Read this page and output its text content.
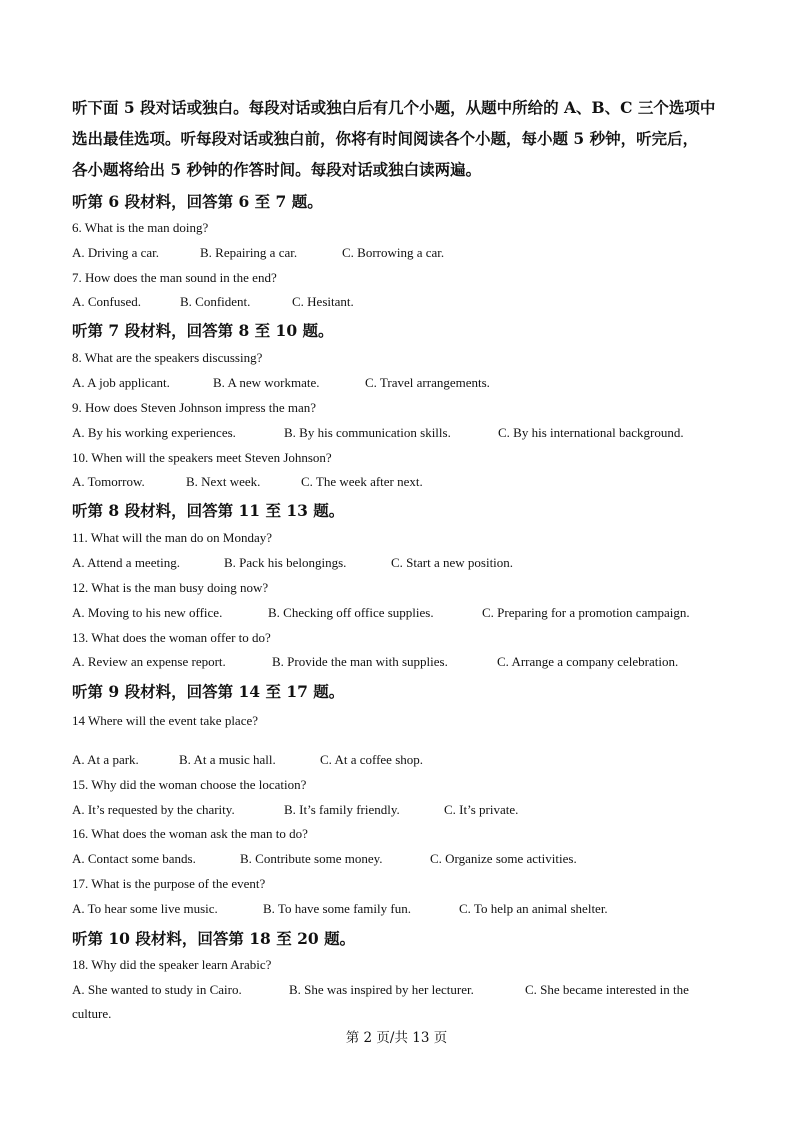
听下面 5 段对话或独白。每段对话或独白后有几个小题，从题中所给的 A、B、C 三个选项中
选出最佳选项。听每段对话或独白前，你将有时间阅读各个小题，每小题 5 秒钟，听完后，
各小题将给出 5 秒钟的作答时间。每段对话或独白读两遍。
听第 6 段材料，回答第 6 至 7 题。
6. What is the man doing?
A. Driving a car.	B. Repairing a car.	C. Borrowing a car.
7. How does the man sound in the end?
A. Confused.	B. Confident.	C. Hesitant.
听第 7 段材料，回答第 8 至 10 题。
8. What are the speakers discussing?
A. A job applicant.	B. A new workmate.	C. Travel arrangements.
9. How does Steven Johnson impress the man?
A. By his working experiences.	B. By his communication skills.	C. By his international background.
10. When will the speakers meet Steven Johnson?
A. Tomorrow.	B. Next week.	C. The week after next.
听第 8 段材料，回答第 11 至 13 题。
11. What will the man do on Monday?
A. Attend a meeting.	B. Pack his belongings.	C. Start a new position.
12. What is the man busy doing now?
A. Moving to his new office.	B. Checking off office supplies.	C. Preparing for a promotion campaign.
13. What does the woman offer to do?
A. Review an expense report.	B. Provide the man with supplies.	C. Arrange a company celebration.
听第 9 段材料，回答第 14 至 17 题。
14 Where will the event take place?
A. At a park.	B. At a music hall.	C. At a coffee shop.
15. Why did the woman choose the location?
A. It’s requested by the charity.	B. It’s family friendly.	C. It’s private.
16. What does the woman ask the man to do?
A. Contact some bands.	B. Contribute some money.	C. Organize some activities.
17. What is the purpose of the event?
A. To hear some live music.	B. To have some family fun.	C. To help an animal shelter.
听第 10 段材料，回答第 18 至 20 题。
18. Why did the speaker learn Arabic?
A. She wanted to study in Cairo.	B. She was inspired by her lecturer.	C. She became interested in the
culture.
第 2 页/共 13 页
